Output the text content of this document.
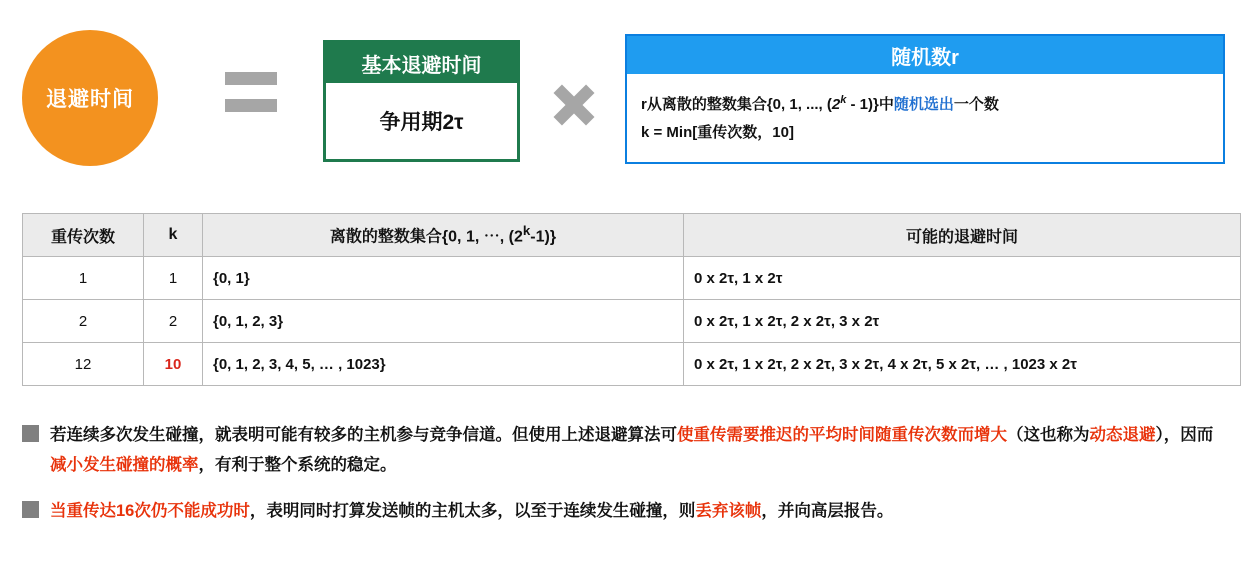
退避时间
基本退避时间
争用期2τ
随机数r
r从离散的整数集合{0, 1, ..., (2$^k$ - 1)}中随机选出一个数
k = Min[重传次数，10]
重传次数	k	离散的整数集合{0, 1, ⋯, (2$^k$-1)}	可能的退避时间
1	1	{0, 1}	0 x 2τ, 1 x 2τ
2	2	{0, 1, 2, 3}	0 x 2τ, 1 x 2τ, 2 x 2τ, 3 x 2τ
12	10	{0, 1, 2, 3, 4, 5, … , 1023}	0 x 2τ, 1 x 2τ, 2 x 2τ, 3 x 2τ, 4 x 2τ, 5 x 2τ, … , 1023 x 2τ
若连续多次发生碰撞，就表明可能有较多的主机参与竞争信道。但使用上述退避算法可使重传需要推迟的平均时间随重传次数而增大（这也称为动态退避），因而减小发生碰撞的概率，有利于整个系统的稳定。
当重传达16次仍不能成功时，表明同时打算发送帧的主机太多，以至于连续发生碰撞，则丢弃该帧，并向高层报告。
